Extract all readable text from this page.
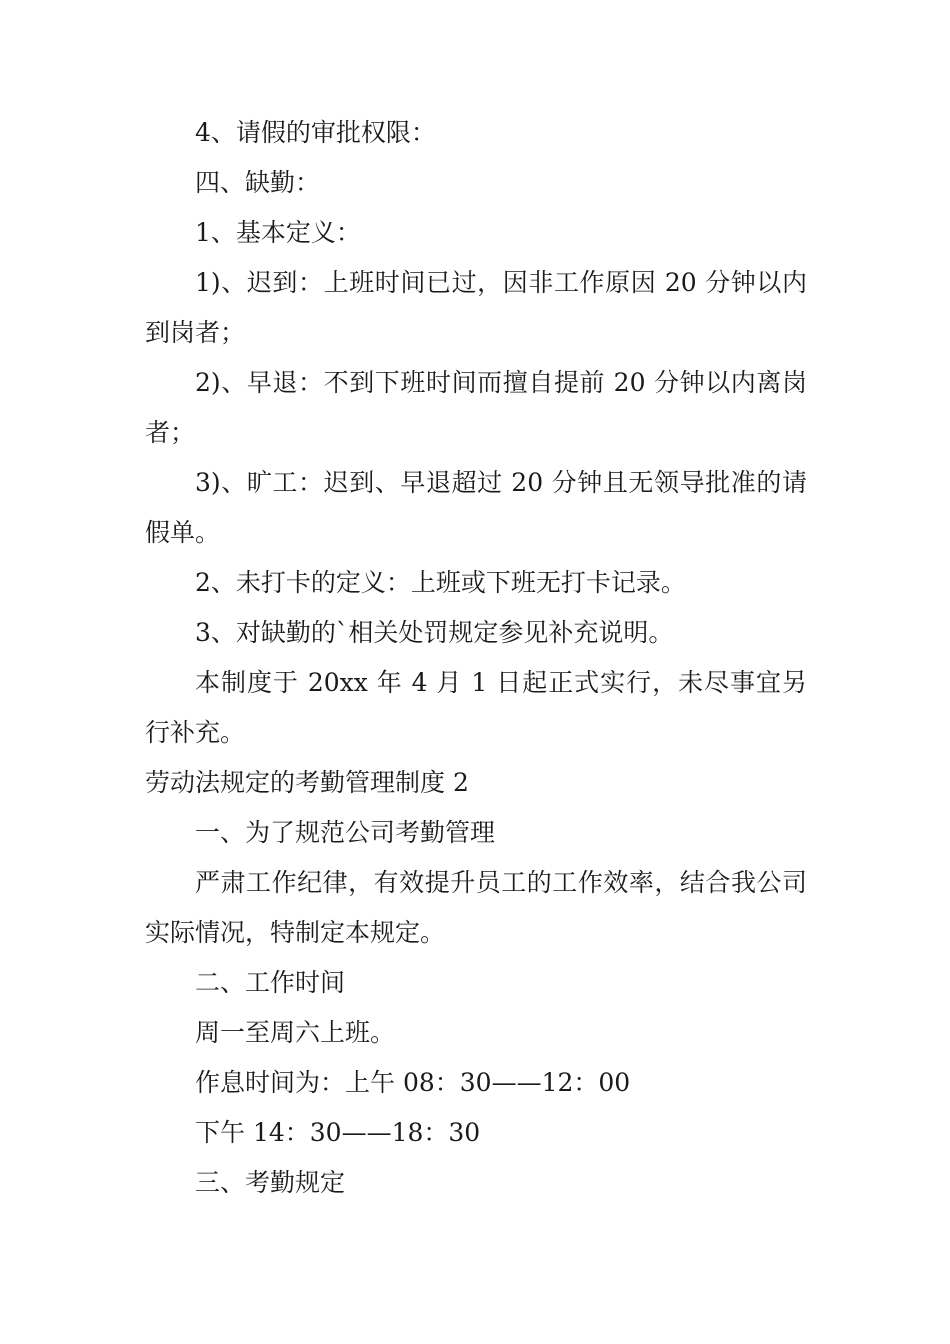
4、请假的审批权限：

四、缺勤：

1、基本定义：

1)、迟到：上班时间已过，因非工作原因 20 分钟以内到岗者；

2)、早退：不到下班时间而擅自提前 20 分钟以内离岗者；

3)、旷工：迟到、早退超过 20 分钟且无领导批准的请假单。

2、未打卡的定义：上班或下班无打卡记录。

3、对缺勤的`相关处罚规定参见补充说明。

本制度于 20xx 年 4 月 1 日起正式实行，未尽事宜另行补充。

劳动法规定的考勤管理制度 2

一、为了规范公司考勤管理

严肃工作纪律，有效提升员工的工作效率，结合我公司实际情况，特制定本规定。

二、工作时间

周一至周六上班。

作息时间为：上午 08：30——12：00

下午 14：30——18：30

三、考勤规定
